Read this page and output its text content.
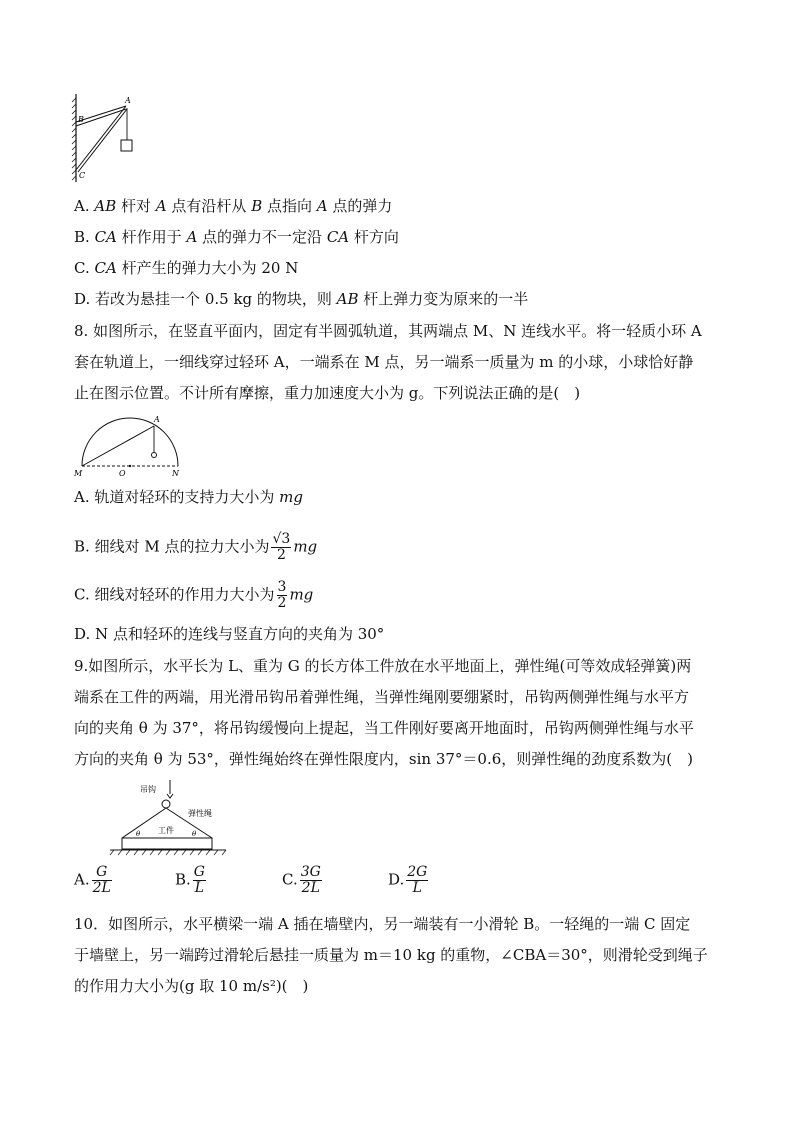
A
B
C
A. AB 杆对 A 点有沿杆从 B 点指向 A 点的弹力
B. CA 杆作用于 A 点的弹力不一定沿 CA 杆方向
C. CA 杆产生的弹力大小为 20 N
D. 若改为悬挂一个 0.5 kg 的物块，则 AB 杆上弹力变为原来的一半
8. 如图所示，在竖直平面内，固定有半圆弧轨道，其两端点 M、N 连线水平。将一轻质小环 A
套在轨道上，一细线穿过轻环 A，一端系在 M 点，另一端系一质量为 m 的小球，小球恰好静
止在图示位置。不计所有摩擦，重力加速度大小为 g。下列说法正确的是(　)
A
M	O	N
A. 轨道对轻环的支持力大小为 mg
B. 细线对 M 点的拉力大小为 $\frac{√3}{2}$ mg
C. 细线对轻环的作用力大小为 $\frac{3}{2}$ mg
D. N 点和轻环的连线与竖直方向的夹角为 30°
9.如图所示，水平长为 L、重为 G 的长方体工件放在水平地面上，弹性绳(可等效成轻弹簧)两
端系在工件的两端，用光滑吊钩吊着弹性绳，当弹性绳刚要绷紧时，吊钩两侧弹性绳与水平方
向的夹角 θ 为 37°，将吊钩缓慢向上提起，当工件刚好要离开地面时，吊钩两侧弹性绳与水平
方向的夹角 θ 为 53°，弹性绳始终在弹性限度内，sin 37°＝0.6，则弹性绳的劲度系数为(　)
吊钩
弹性绳
工件
θ	θ
A. $\frac{G}{2L}$	B. $\frac{G}{L}$	C. $\frac{3G}{2L}$	D. $\frac{2G}{L}$
10．如图所示，水平横梁一端 A 插在墙壁内，另一端装有一小滑轮 B。一轻绳的一端 C 固定
于墙壁上，另一端跨过滑轮后悬挂一质量为 m＝10 kg 的重物，∠CBA＝30°，则滑轮受到绳子
的作用力大小为(g 取 10 m/s²)(　)
